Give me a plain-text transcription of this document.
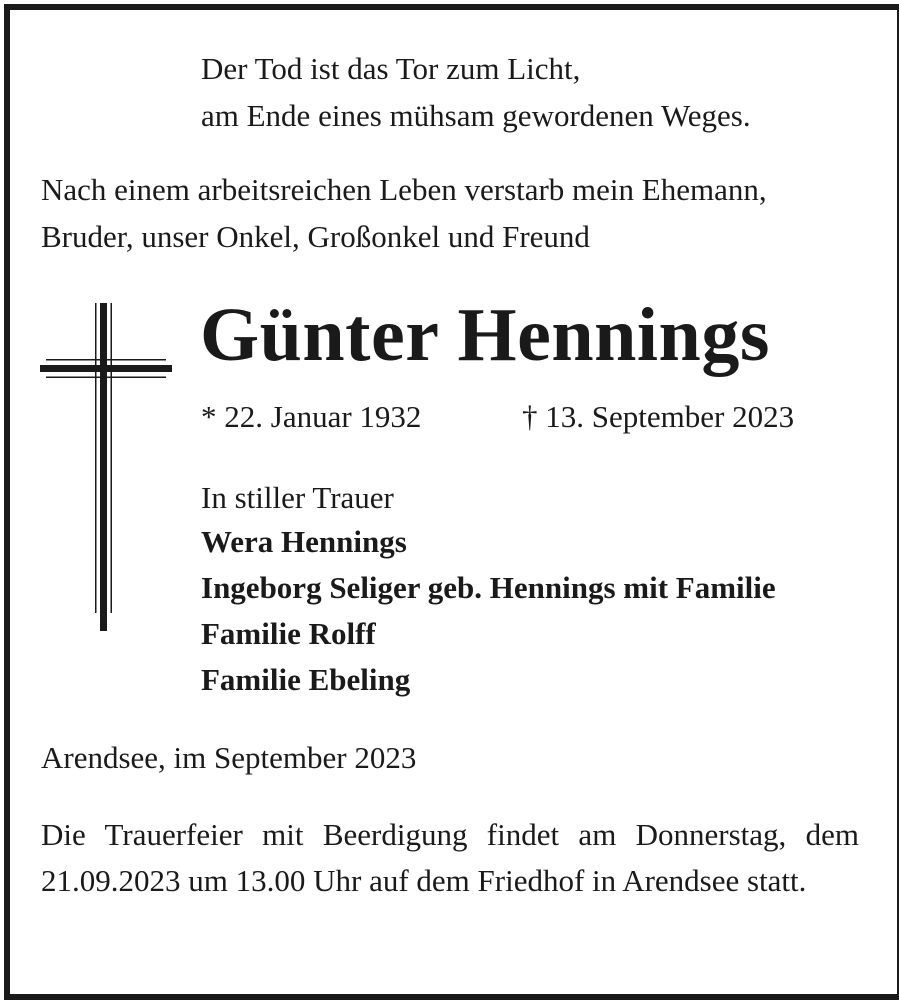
Der Tod ist das Tor zum Licht,
am Ende eines mühsam gewordenen Weges.
Nach einem arbeitsreichen Leben verstarb mein Ehemann,
Bruder, unser Onkel, Großonkel und Freund
Günter Hennings
* 22. Januar 1932	† 13. September 2023
In stiller Trauer
Wera Hennings
Ingeborg Seliger geb. Hennings mit Familie
Familie Rolff
Familie Ebeling
Arendsee, im September 2023
Die Trauerfeier mit Beerdigung findet am Donnerstag, dem 21.09.2023 um 13.00 Uhr auf dem Friedhof in Arendsee statt.
